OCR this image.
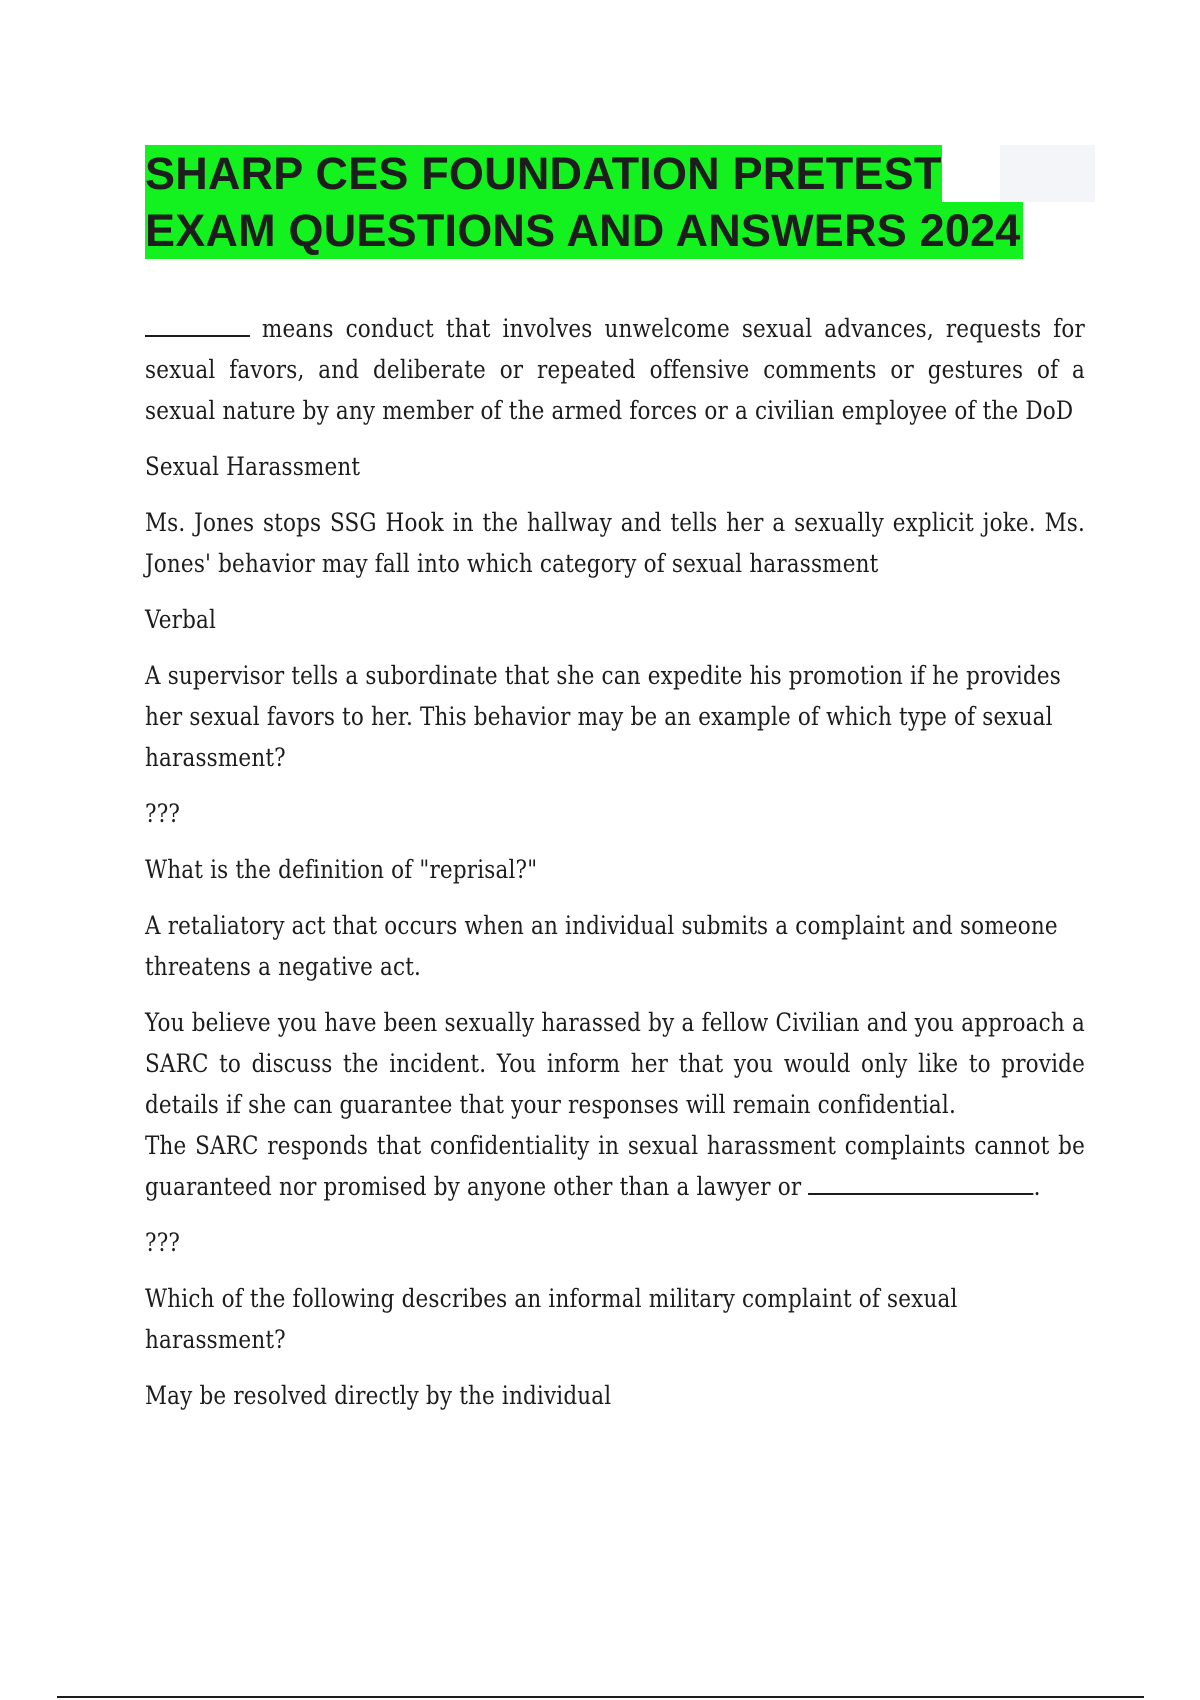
SHARP CES FOUNDATION PRETEST
EXAM QUESTIONS AND ANSWERS 2024

means conduct that involves unwelcome sexual advances, requests for sexual favors, and deliberate or repeated offensive comments or gestures of a sexual nature by any member of the armed forces or a civilian employee of the DoD

Sexual Harassment

Ms. Jones stops SSG Hook in the hallway and tells her a sexually explicit joke. Ms. Jones' behavior may fall into which category of sexual harassment

Verbal

A supervisor tells a subordinate that she can expedite his promotion if he provides her sexual favors to her. This behavior may be an example of which type of sexual harassment?

???

What is the definition of "reprisal?"

A retaliatory act that occurs when an individual submits a complaint and someone threatens a negative act.

You believe you have been sexually harassed by a fellow Civilian and you approach a SARC to discuss the incident. You inform her that you would only like to provide details if she can guarantee that your responses will remain confidential.
The SARC responds that confidentiality in sexual harassment complaints cannot be guaranteed nor promised by anyone other than a lawyer or	.

???

Which of the following describes an informal military complaint of sexual harassment?

May be resolved directly by the individual
